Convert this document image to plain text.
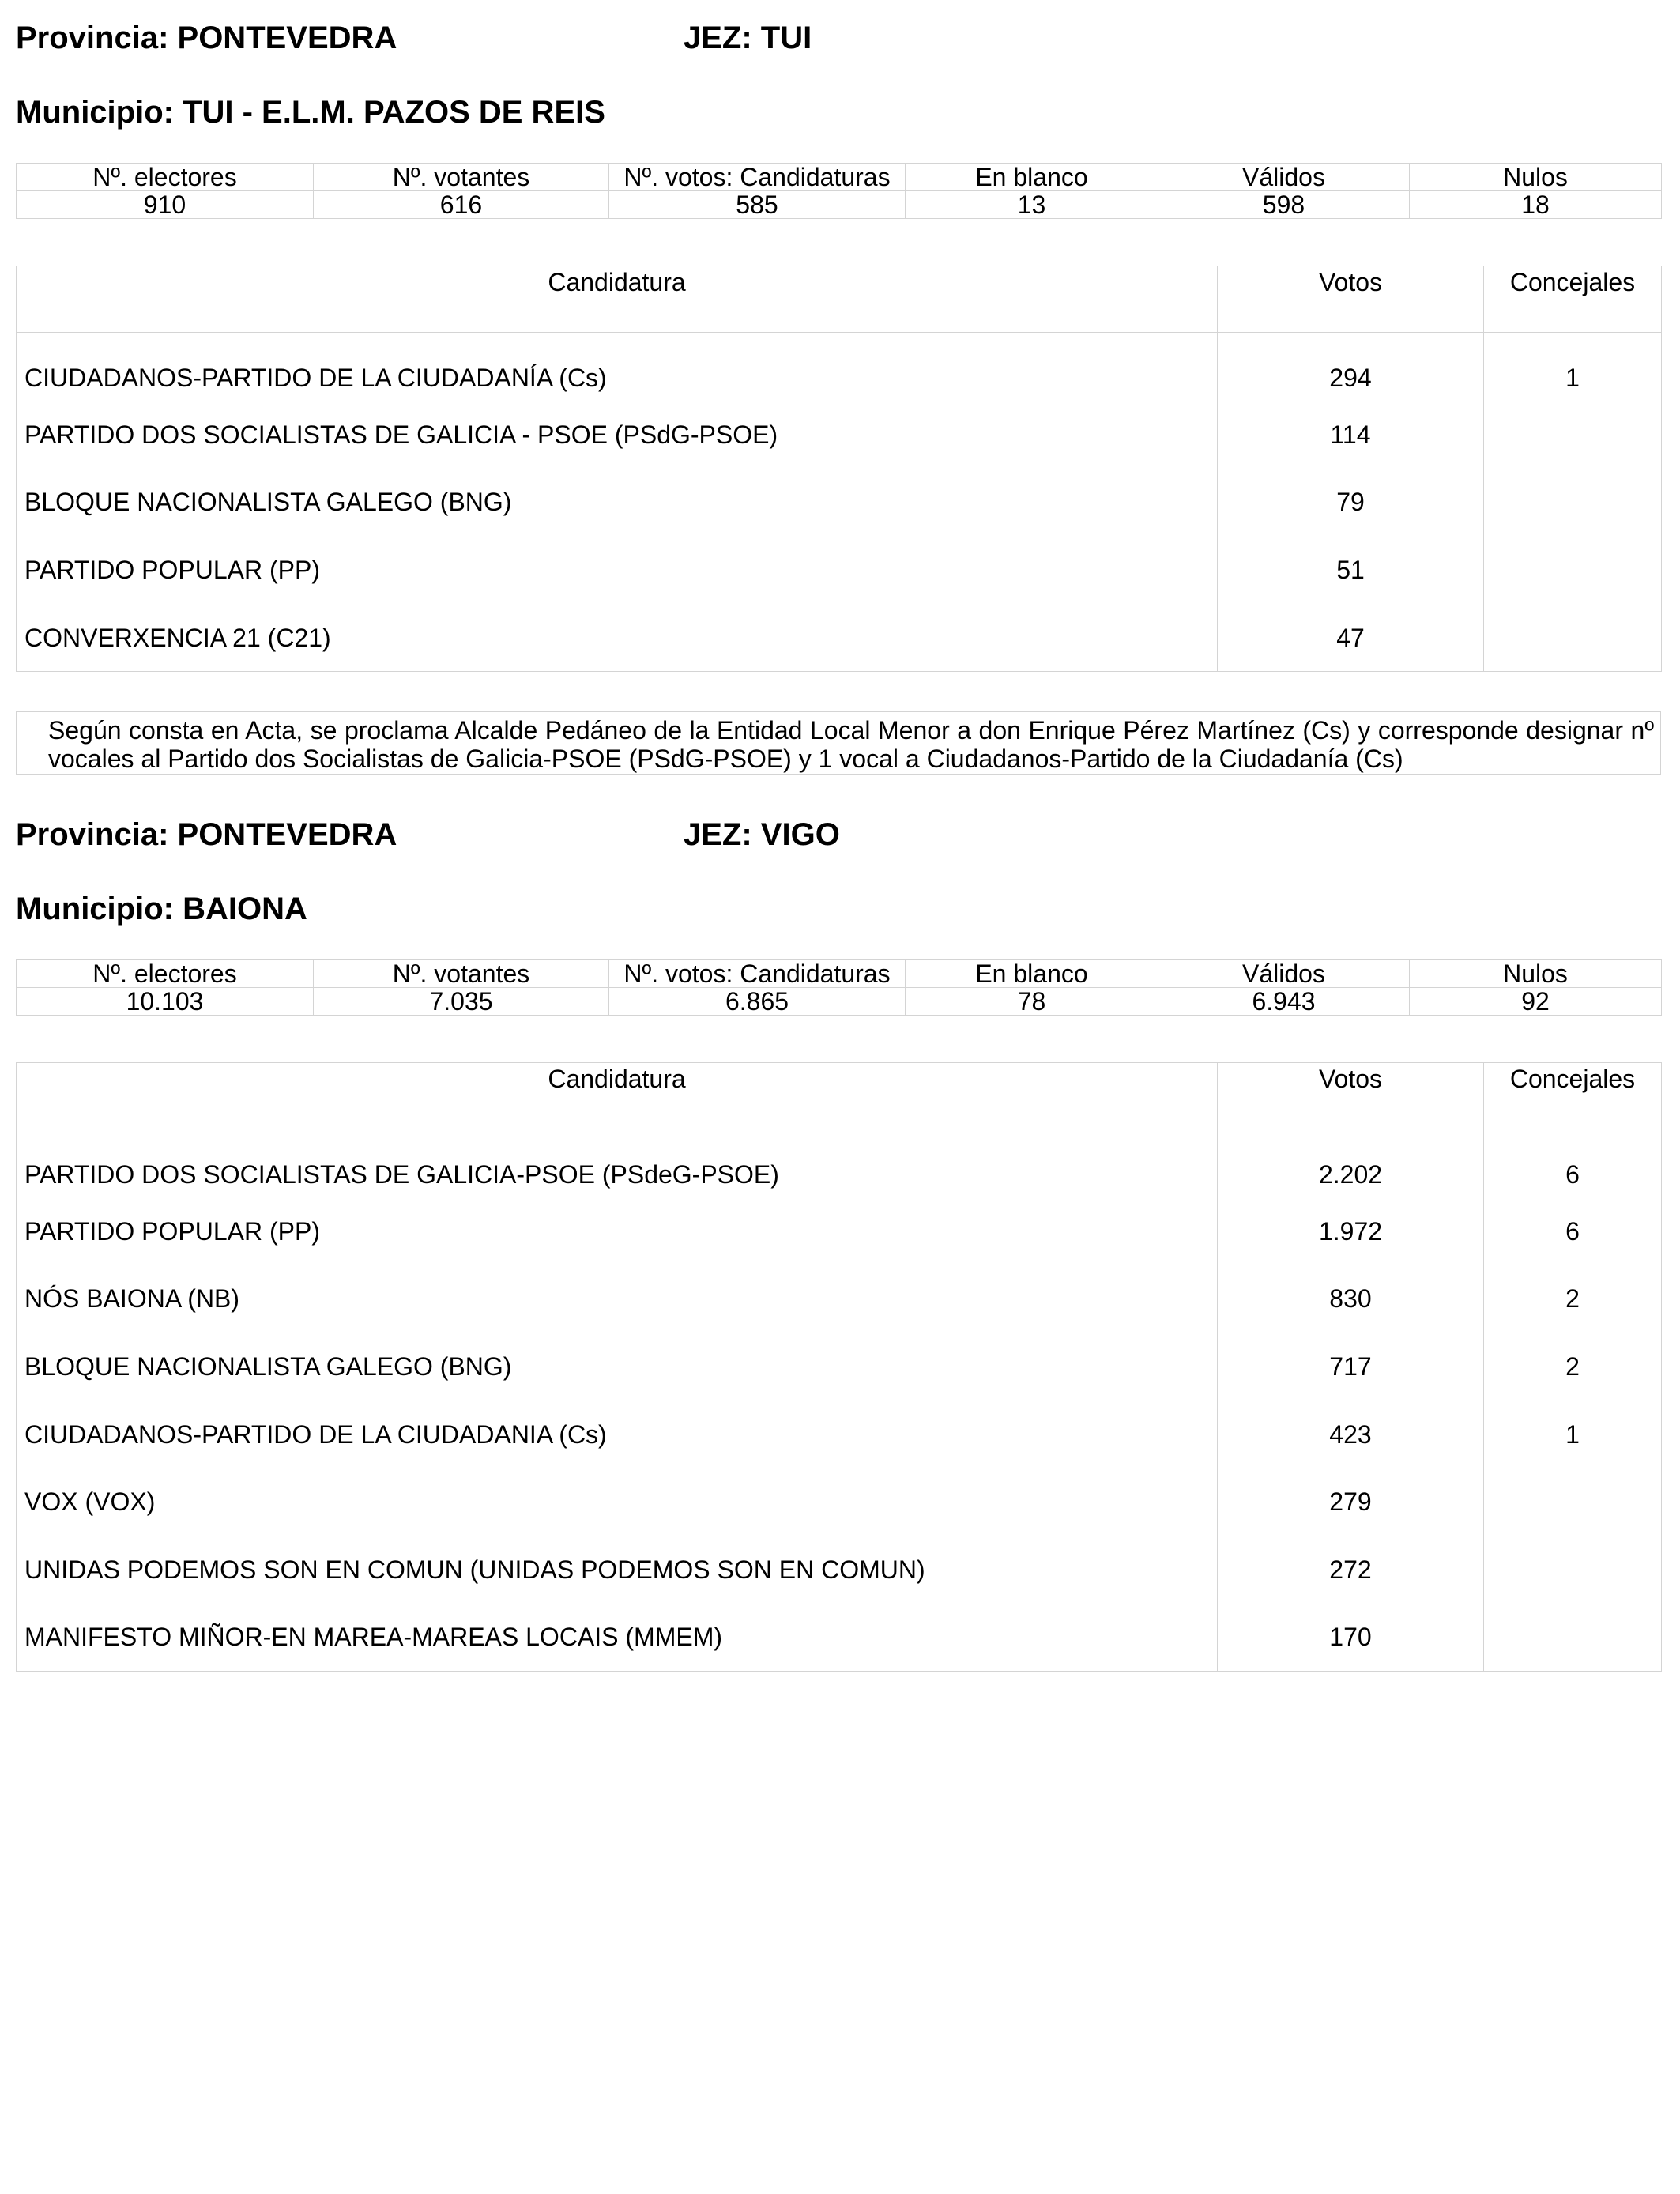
Provincia: PONTEVEDRA	JEZ: TUI
Municipio: TUI - E.L.M. PAZOS DE REIS
Nº. electores	Nº. votantes	Nº. votos: Candidaturas	En blanco	Válidos	Nulos
910	616	585	13	598	18
Candidatura	Votos	Concejales
CIUDADANOS-PARTIDO DE LA CIUDADANÍA (Cs)	294	1
PARTIDO DOS SOCIALISTAS DE GALICIA - PSOE (PSdG-PSOE)	114	
BLOQUE NACIONALISTA GALEGO (BNG)	79	
PARTIDO POPULAR (PP)	51	
CONVERXENCIA 21 (C21)	47	
Según consta en Acta, se proclama Alcalde Pedáneo de la Entidad Local Menor a don Enrique Pérez Martínez (Cs) y corresponde designar nº vocales al Partido dos Socialistas de Galicia-PSOE (PSdG-PSOE) y 1 vocal a Ciudadanos-Partido de la Ciudadanía (Cs)
Provincia: PONTEVEDRA	JEZ: VIGO
Municipio: BAIONA
Nº. electores	Nº. votantes	Nº. votos: Candidaturas	En blanco	Válidos	Nulos
10.103	7.035	6.865	78	6.943	92
Candidatura	Votos	Concejales
PARTIDO DOS SOCIALISTAS DE GALICIA-PSOE (PSdeG-PSOE)	2.202	6
PARTIDO POPULAR (PP)	1.972	6
NÓS BAIONA (NB)	830	2
BLOQUE NACIONALISTA GALEGO (BNG)	717	2
CIUDADANOS-PARTIDO DE LA CIUDADANIA (Cs)	423	1
VOX (VOX)	279	
UNIDAS PODEMOS SON EN COMUN (UNIDAS PODEMOS SON EN COMUN)	272	
MANIFESTO MIÑOR-EN MAREA-MAREAS LOCAIS (MMEM)	170	
